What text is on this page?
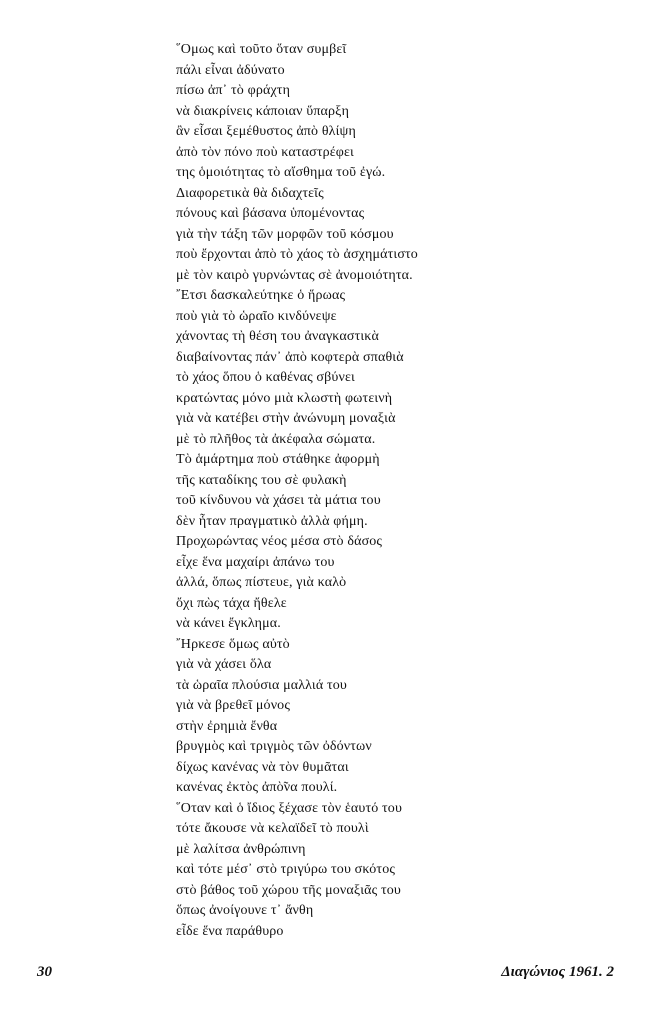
῞Ομως καὶ τοῦτο ὅταν συμβεῖ
πάλι εἶναι ἀδύνατο
πίσω ἀπ᾿ τὸ φράχτη
νὰ διακρίνεις κάποιαν ὕπαρξη
ἂν εἶσαι ξεμέθυστος ἀπὸ θλίψη
ἀπὸ τὸν πόνο ποὺ καταστρέφει
της ὁμοιότητας τὸ αἴσθημα τοῦ ἐγώ.
Διαφορετικὰ θὰ διδαχτεῖς
πόνους καὶ βάσανα ὑπομένοντας
γιὰ τὴν τάξη τῶν μορφῶν τοῦ κόσμου
ποὺ ἔρχονται ἀπὸ τὸ χάος τὸ ἀσχημάτιστο
μὲ τὸν καιρὸ γυρνώντας σὲ ἀνομοιότητα.
῎Ετσι δασκαλεύτηκε ὁ ἥρωας
ποὺ γιὰ τὸ ὡραῖο κινδύνεψε
χάνοντας τὴ θέση του ἀναγκαστικὰ
διαβαίνοντας πάν᾿ ἀπὸ κοφτερὰ σπαθιὰ
τὸ χάος ὅπου ὁ καθένας σβύνει
κρατώντας μόνο μιὰ κλωστὴ φωτεινὴ
γιὰ νὰ κατέβει στὴν ἀνώνυμη μοναξιὰ
μὲ τὸ πλῆθος τὰ ἀκέφαλα σώματα.
Τὸ ἁμάρτημα ποὺ στάθηκε ἀφορμὴ
τῆς καταδίκης του σὲ φυλακὴ
τοῦ κίνδυνου νὰ χάσει τὰ μάτια του
δὲν ἦταν πραγματικὸ ἀλλὰ φήμη.
Προχωρώντας νέος μέσα στὸ δάσος
εἶχε ἕνα μαχαίρι ἀπάνω του
ἀλλά, ὅπως πίστευε, γιὰ καλὸ
ὄχι πὼς τάχα ἤθελε
νὰ κάνει ἔγκλημα.
῎Ηρκεσε ὅμως αὐτὸ
γιὰ νὰ χάσει ὅλα
τὰ ὡραῖα πλούσια μαλλιά του
γιὰ νὰ βρεθεῖ μόνος
στὴν ἐρημιὰ ἔνθα
βρυγμὸς καὶ τριγμὸς τῶν ὀδόντων
δίχως κανένας νὰ τὸν θυμᾶται
κανένας ἐκτὸς ἀπὸ̃να πουλί.
῞Οταν καὶ ὁ ἴδιος ξέχασε τὸν ἑαυτό του
τότε ἄκουσε νὰ κελαϊδεῖ τὸ πουλὶ
μὲ λαλίτσα ἀνθρώπινη
καὶ τότε μέσ᾿ στὸ τριγύρω του σκότος
στὸ βάθος τοῦ χώρου τῆς μοναξιᾶς του
ὅπως ἀνοίγουνε τ᾿ ἄνθη
εἶδε ἕνα παράθυρο
30	Διαγώνιος 1961. 2
